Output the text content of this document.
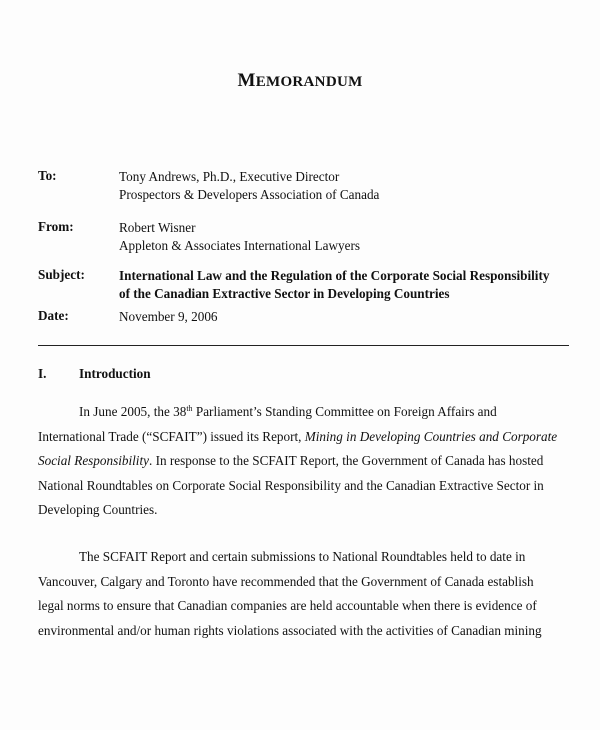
MEMORANDUM
To:	Tony Andrews, Ph.D., Executive Director
Prospectors & Developers Association of Canada
From:	Robert Wisner
Appleton & Associates International Lawyers
Subject:	International Law and the Regulation of the Corporate Social Responsibility
of the Canadian Extractive Sector in Developing Countries
Date:	November 9, 2006
I. Introduction
In June 2005, the 38th Parliament’s Standing Committee on Foreign Affairs and
International Trade (“SCFAIT”) issued its Report, Mining in Developing Countries and Corporate
Social Responsibility. In response to the SCFAIT Report, the Government of Canada has hosted
National Roundtables on Corporate Social Responsibility and the Canadian Extractive Sector in
Developing Countries.
The SCFAIT Report and certain submissions to National Roundtables held to date in
Vancouver, Calgary and Toronto have recommended that the Government of Canada establish
legal norms to ensure that Canadian companies are held accountable when there is evidence of
environmental and/or human rights violations associated with the activities of Canadian mining
